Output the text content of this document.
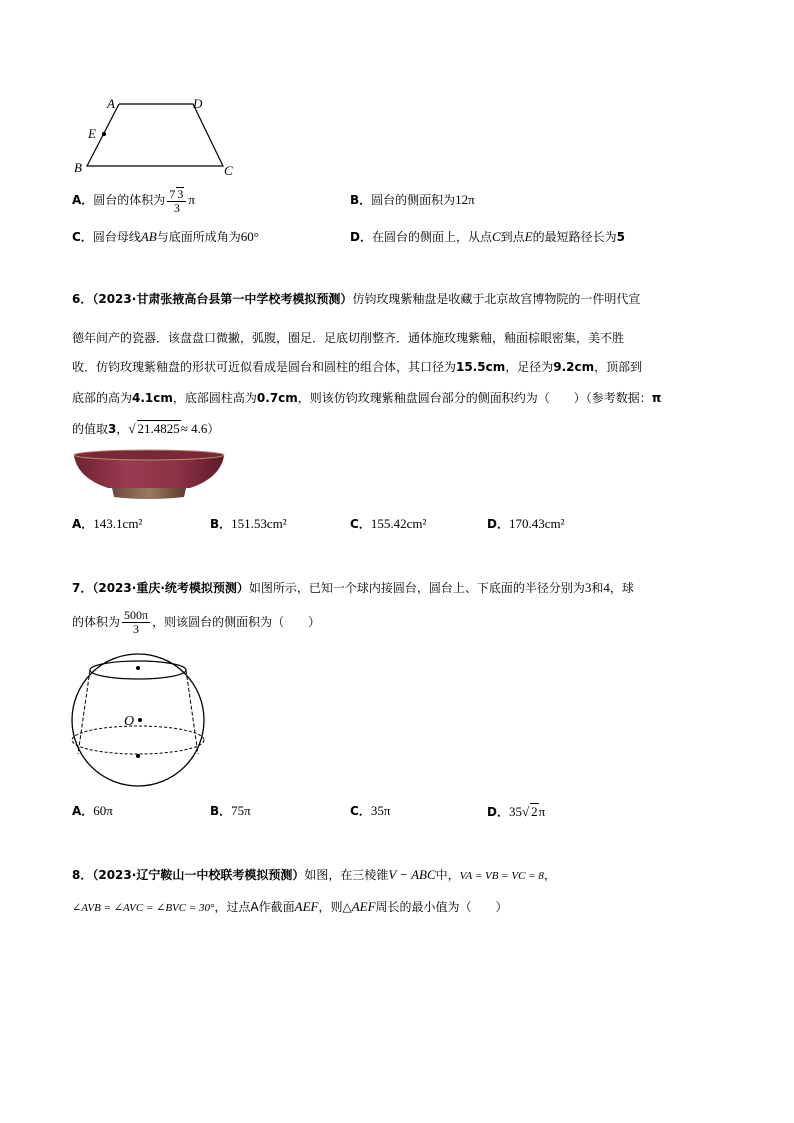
A	D
E
B	C
A．圆台的体积为 $\frac{7 3}{3}$ π	B．圆台的侧面积为12π
C．圆台母线AB与底面所成角为60°	D．在圆台的侧面上，从点C到点E的最短路径长为5
6．（2023·甘肃张掖高台县第一中学校考模拟预测）仿钧玫瑰紫釉盘是收藏于北京故宫博物院的一件明代宣
德年间产的瓷器．该盘盘口微撇，弧腹，圈足．足底切削整齐．通体施玫瑰紫釉，釉面棕眼密集，美不胜
收．仿钧玫瑰紫釉盘的形状可近似看成是圆台和圆柱的组合体，其口径为15.5cm，足径为9.2cm，顶部到
底部的高为4.1cm，底部圆柱高为0.7cm，则该仿钧玫瑰紫釉盘圆台部分的侧面积约为（　　）（参考数据：π
的值取3，√ 21.4825≈ 4.6）
A．143.1cm²	B．151.53cm²	C．155.42cm²	D．170.43cm²
7．（2023·重庆·统考模拟预测）如图所示，已知一个球内接圆台，圆台上、下底面的半径分别为3和4，球
的体积为 $\frac{500\pi}{3}$ ，则该圆台的侧面积为（　　）
O
A．60π	B．75π	C．35π	D．35√ 2π
8．（2023·辽宁鞍山一中校联考模拟预测）如图，在三棱锥V − ABC中，VA = VB = VC = 8，
∠AVB = ∠AVC = ∠BVC = 30°，过点A作截面AEF，则△AEF周长的最小值为（　　）
